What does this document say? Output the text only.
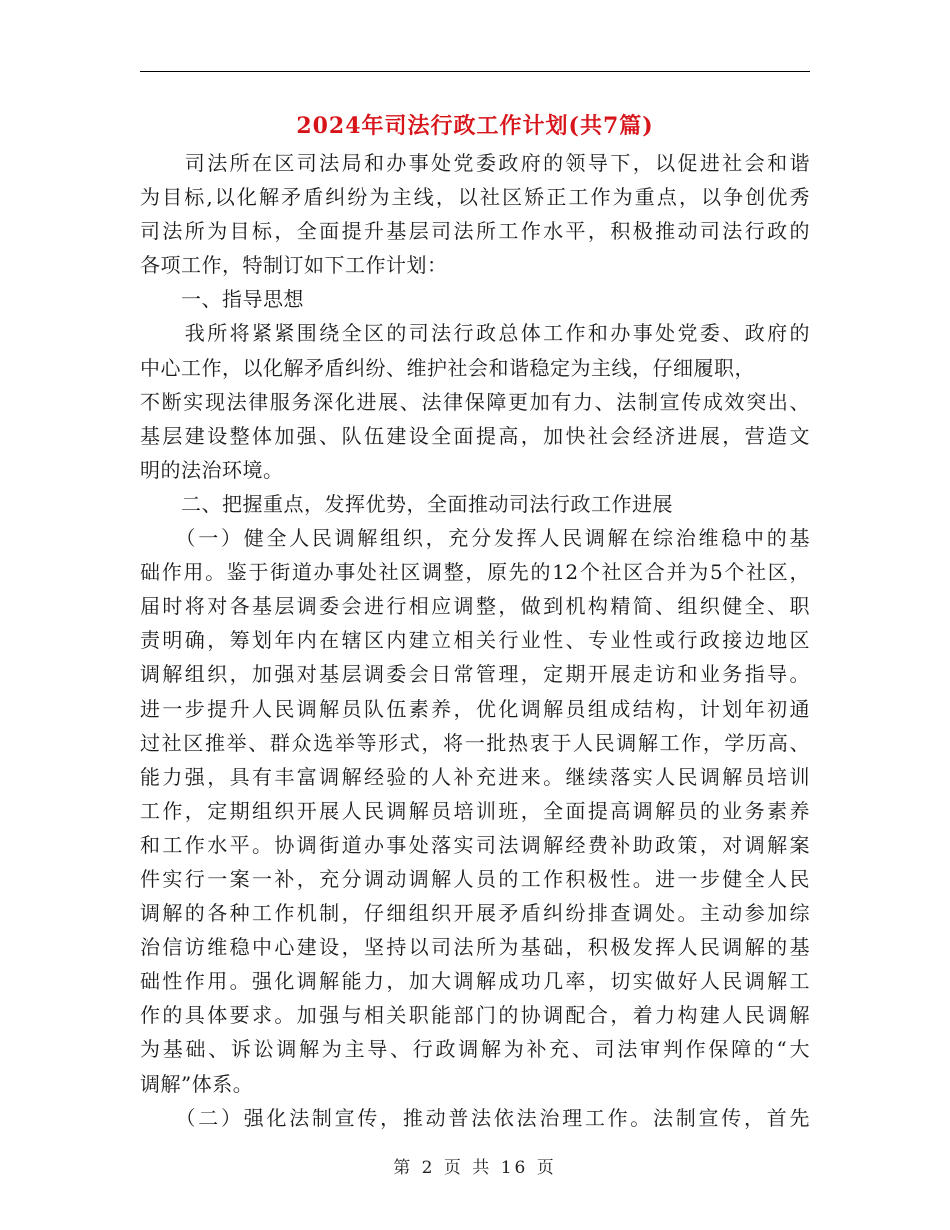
2024年司法行政工作计划(共7篇)
　　司法所在区司法局和办事处党委政府的领导下，以促进社会和谐
为目标,以化解矛盾纠纷为主线，以社区矫正工作为重点，以争创优秀
司法所为目标，全面提升基层司法所工作水平，积极推动司法行政的
各项工作，特制订如下工作计划：
　　一、指导思想
　　我所将紧紧围绕全区的司法行政总体工作和办事处党委、政府的
中心工作，以化解矛盾纠纷、维护社会和谐稳定为主线，仔细履职，
不断实现法律服务深化进展、法律保障更加有力、法制宣传成效突出、
基层建设整体加强、队伍建设全面提高，加快社会经济进展，营造文
明的法治环境。
　　二、把握重点，发挥优势，全面推动司法行政工作进展
　　（一）健全人民调解组织，充分发挥人民调解在综治维稳中的基
础作用。鉴于街道办事处社区调整，原先的12个社区合并为5个社区，
届时将对各基层调委会进行相应调整，做到机构精简、组织健全、职
责明确，筹划年内在辖区内建立相关行业性、专业性或行政接边地区
调解组织，加强对基层调委会日常管理，定期开展走访和业务指导。
进一步提升人民调解员队伍素养，优化调解员组成结构，计划年初通
过社区推举、群众选举等形式，将一批热衷于人民调解工作，学历高、
能力强，具有丰富调解经验的人补充进来。继续落实人民调解员培训
工作，定期组织开展人民调解员培训班，全面提高调解员的业务素养
和工作水平。协调街道办事处落实司法调解经费补助政策，对调解案
件实行一案一补，充分调动调解人员的工作积极性。进一步健全人民
调解的各种工作机制，仔细组织开展矛盾纠纷排查调处。主动参加综
治信访维稳中心建设，坚持以司法所为基础，积极发挥人民调解的基
础性作用。强化调解能力，加大调解成功几率，切实做好人民调解工
作的具体要求。加强与相关职能部门的协调配合，着力构建人民调解
为基础、诉讼调解为主导、行政调解为补充、司法审判作保障的“大
调解”体系。
　　（二）强化法制宣传，推动普法依法治理工作。法制宣传，首先
第 2 页 共 16 页
